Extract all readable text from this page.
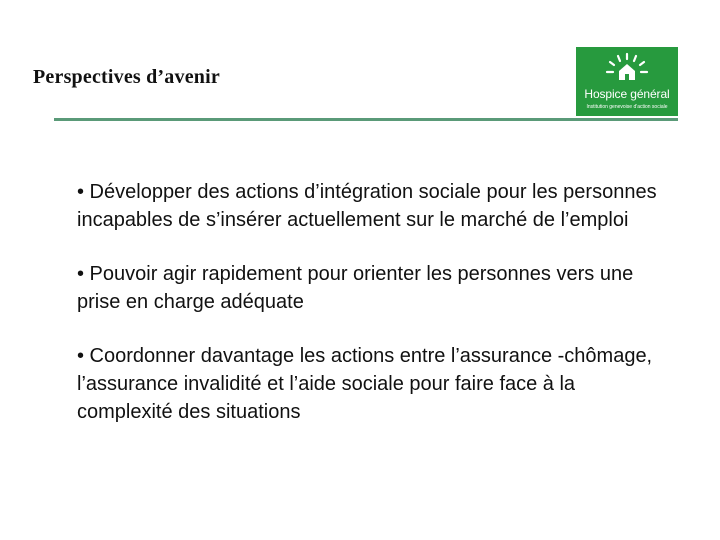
Perspectives d’avenir
Hospice général
Institution genevoise d'action sociale
• Développer des actions d’intégration sociale pour les personnes incapables de s’insérer actuellement sur le marché de l’emploi
• Pouvoir agir rapidement pour orienter les personnes vers une prise en charge adéquate
• Coordonner davantage les actions entre l’assurance -chômage, l’assurance invalidité et l’aide sociale pour faire face à la complexité des situations
